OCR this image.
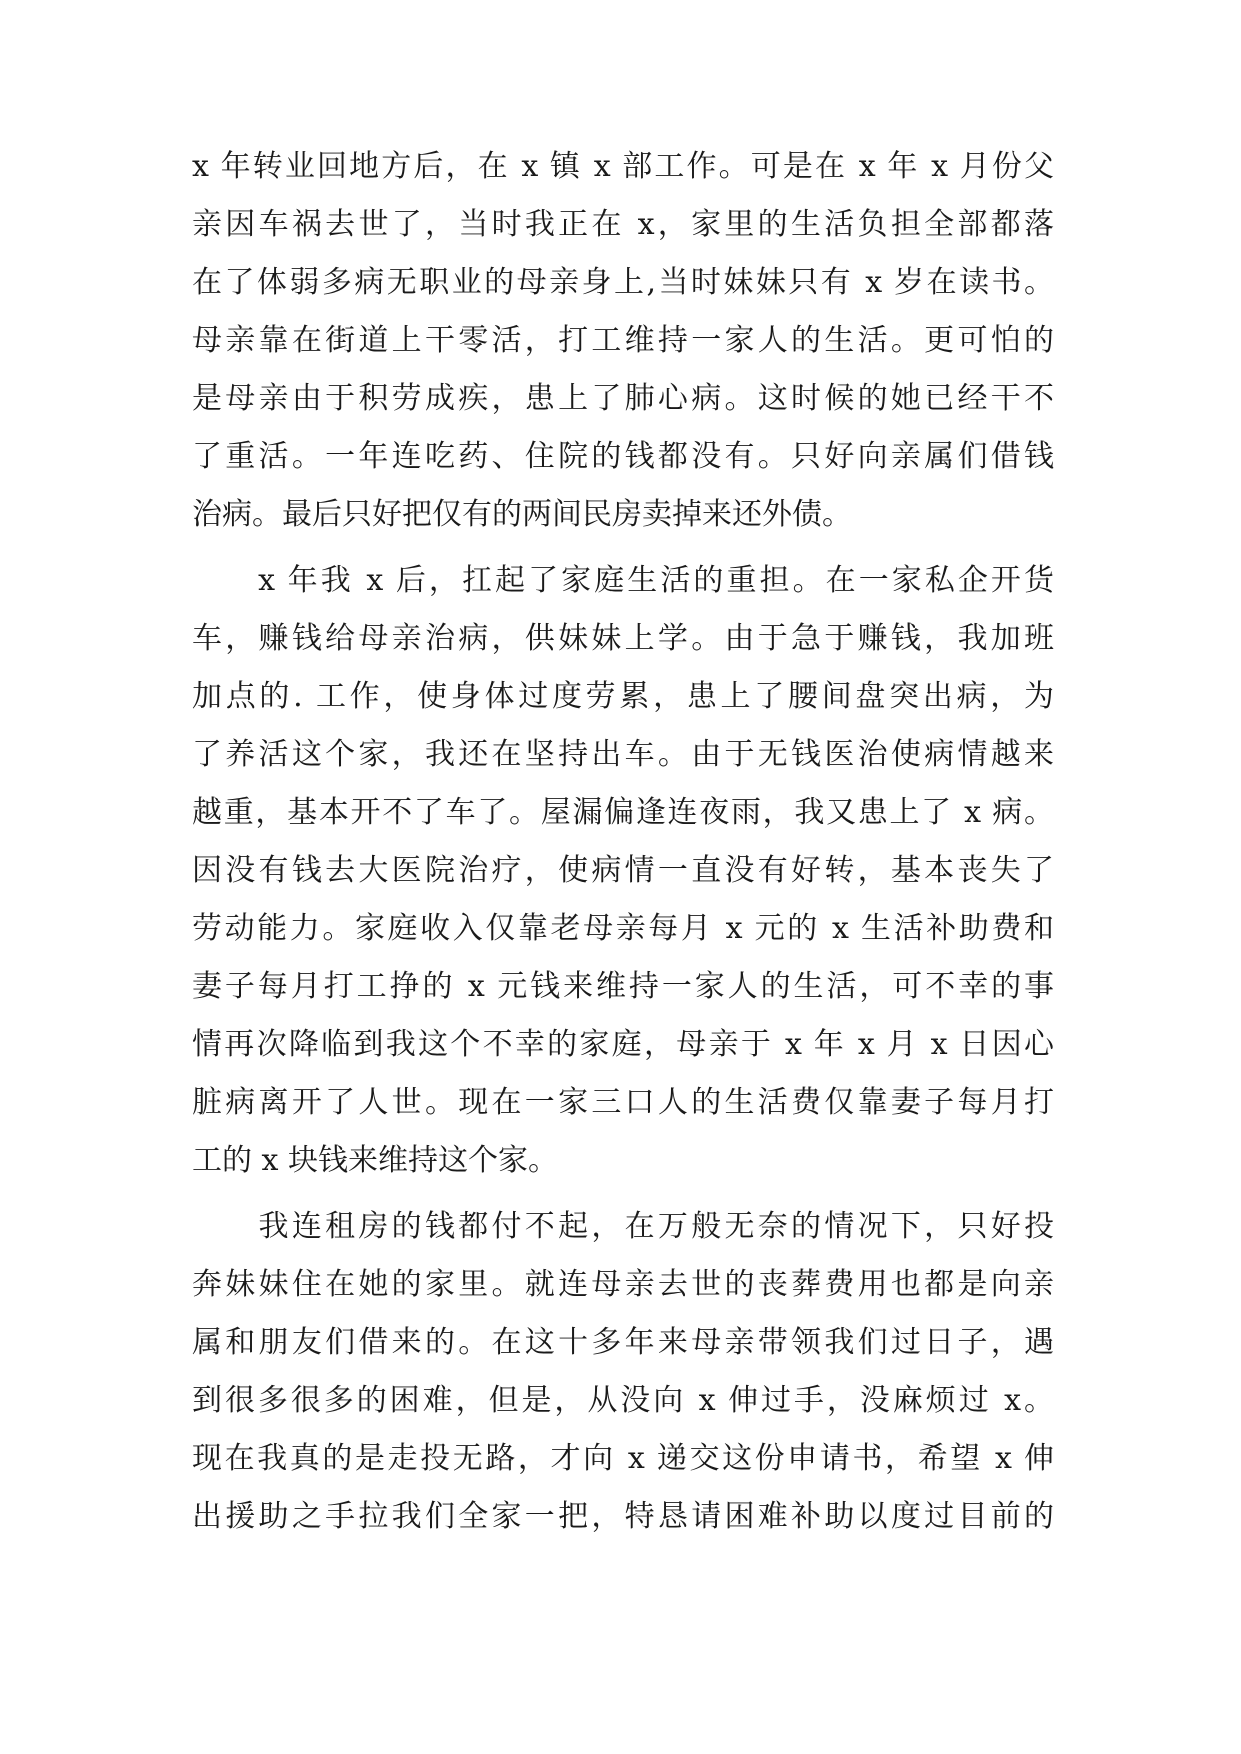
x 年转业回地方后，在 x 镇 x 部工作。可是在 x 年 x 月份父
亲因车祸去世了，当时我正在 x，家里的生活负担全部都落
在了体弱多病无职业的母亲身上,当时妹妹只有 x 岁在读书。
母亲靠在街道上干零活，打工维持一家人的生活。更可怕的
是母亲由于积劳成疾，患上了肺心病。这时候的她已经干不
了重活。一年连吃药、住院的钱都没有。只好向亲属们借钱
治病。最后只好把仅有的两间民房卖掉来还外债。
　　x 年我 x 后，扛起了家庭生活的重担。在一家私企开货
车，赚钱给母亲治病，供妹妹上学。由于急于赚钱，我加班
加点的. 工作，使身体过度劳累，患上了腰间盘突出病，为
了养活这个家，我还在坚持出车。由于无钱医治使病情越来
越重，基本开不了车了。屋漏偏逢连夜雨，我又患上了 x 病。
因没有钱去大医院治疗，使病情一直没有好转，基本丧失了
劳动能力。家庭收入仅靠老母亲每月 x 元的 x 生活补助费和
妻子每月打工挣的 x 元钱来维持一家人的生活，可不幸的事
情再次降临到我这个不幸的家庭，母亲于 x 年 x 月 x 日因心
脏病离开了人世。现在一家三口人的生活费仅靠妻子每月打
工的 x 块钱来维持这个家。
　　我连租房的钱都付不起，在万般无奈的情况下，只好投
奔妹妹住在她的家里。就连母亲去世的丧葬费用也都是向亲
属和朋友们借来的。在这十多年来母亲带领我们过日子，遇
到很多很多的困难，但是，从没向 x 伸过手，没麻烦过 x。
现在我真的是走投无路，才向 x 递交这份申请书，希望 x 伸
出援助之手拉我们全家一把，特恳请困难补助以度过目前的
